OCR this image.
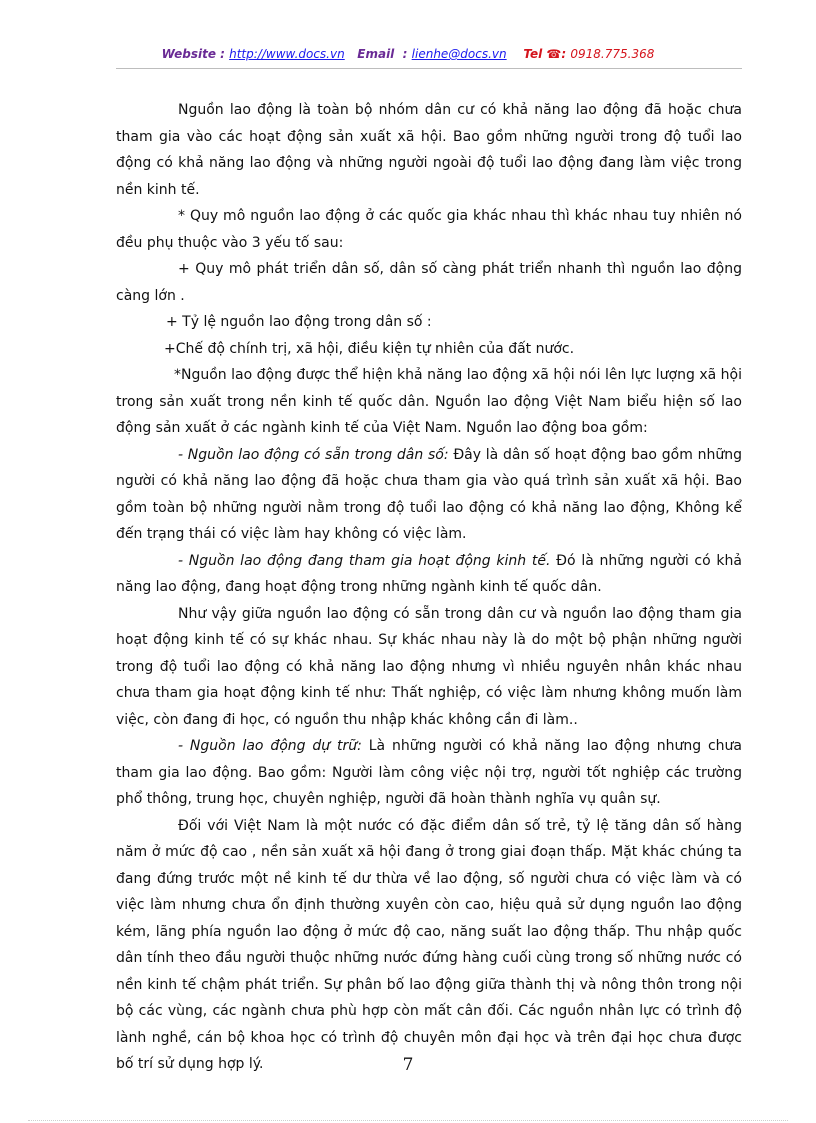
Website : http://www.docs.vn Email : lienhe@docs.vn Tel ☎: 0918.775.368

Nguồn lao động là toàn bộ nhóm dân cư có khả năng lao động đã hoặc chưa tham gia vào các hoạt động sản xuất xã hội. Bao gồm những người trong độ tuổi lao động có khả năng lao động và những người ngoài độ tuổi lao động đang làm việc trong nền kinh tế.

* Quy mô nguồn lao động ở các quốc gia khác nhau thì khác nhau tuy nhiên nó đều phụ thuộc vào 3 yếu tố sau:

+ Quy mô phát triển dân số, dân số càng phát triển nhanh thì nguồn lao động càng lớn .

+ Tỷ lệ nguồn lao động trong dân số :

+Chế độ chính trị, xã hội, điều kiện tự nhiên của đất nước.

*Nguồn lao động được thể hiện khả năng lao động xã hội nói lên lực lượng xã hội trong sản xuất trong nền kinh tế quốc dân. Nguồn lao động Việt Nam biểu hiện số lao động sản xuất ở các ngành kinh tế của Việt Nam. Nguồn lao động boa gồm:

- Nguồn lao động có sẵn trong dân số: Đây là dân số hoạt động bao gồm những người có khả năng lao động đã hoặc chưa tham gia vào quá trình sản xuất xã hội. Bao gồm toàn bộ những người nằm trong độ tuổi lao động có khả năng lao động, Không kể đến trạng thái có việc làm hay không có việc làm.

- Nguồn lao động đang tham gia hoạt động kinh tế. Đó là những người có khả năng lao động, đang hoạt động trong những ngành kinh tế quốc dân.

Như vậy giữa nguồn lao động có sẵn trong dân cư và nguồn lao động tham gia hoạt động kinh tế có sự khác nhau. Sự khác nhau này là do một bộ phận những người trong độ tuổi lao động có khả năng lao động nhưng vì nhiều nguyên nhân khác nhau chưa tham gia hoạt động kinh tế như: Thất nghiệp, có việc làm nhưng không muốn làm việc, còn đang đi học, có nguồn thu nhập khác không cần đi làm..

- Nguồn lao động dự trữ: Là những người có khả năng lao động nhưng chưa tham gia lao động. Bao gồm: Người làm công việc nội trợ, người tốt nghiệp các trường phổ thông, trung học, chuyên nghiệp, người đã hoàn thành nghĩa vụ quân sự.

Đối với Việt Nam là một nước có đặc điểm dân số trẻ, tỷ lệ tăng dân số hàng năm ở mức độ cao , nền sản xuất xã hội đang ở trong giai đoạn thấp. Mặt khác chúng ta đang đứng trước một nề kinh tế dư thừa về lao động, số người chưa có việc làm và có việc làm nhưng chưa ổn định thường xuyên còn cao, hiệu quả sử dụng nguồn lao động kém, lãng phía nguồn lao động ở mức độ cao, năng suất lao động thấp. Thu nhập quốc dân tính theo đầu người thuộc những nước đứng hàng cuối cùng trong số những nước có nền kinh tế chậm phát triển. Sự phân bố lao động giữa thành thị và nông thôn trong nội bộ các vùng, các ngành chưa phù hợp còn mất cân đối. Các nguồn nhân lực có trình độ lành nghề, cán bộ khoa học có trình độ chuyên môn đại học và trên đại học chưa được bố trí sử dụng hợp lý.	7
